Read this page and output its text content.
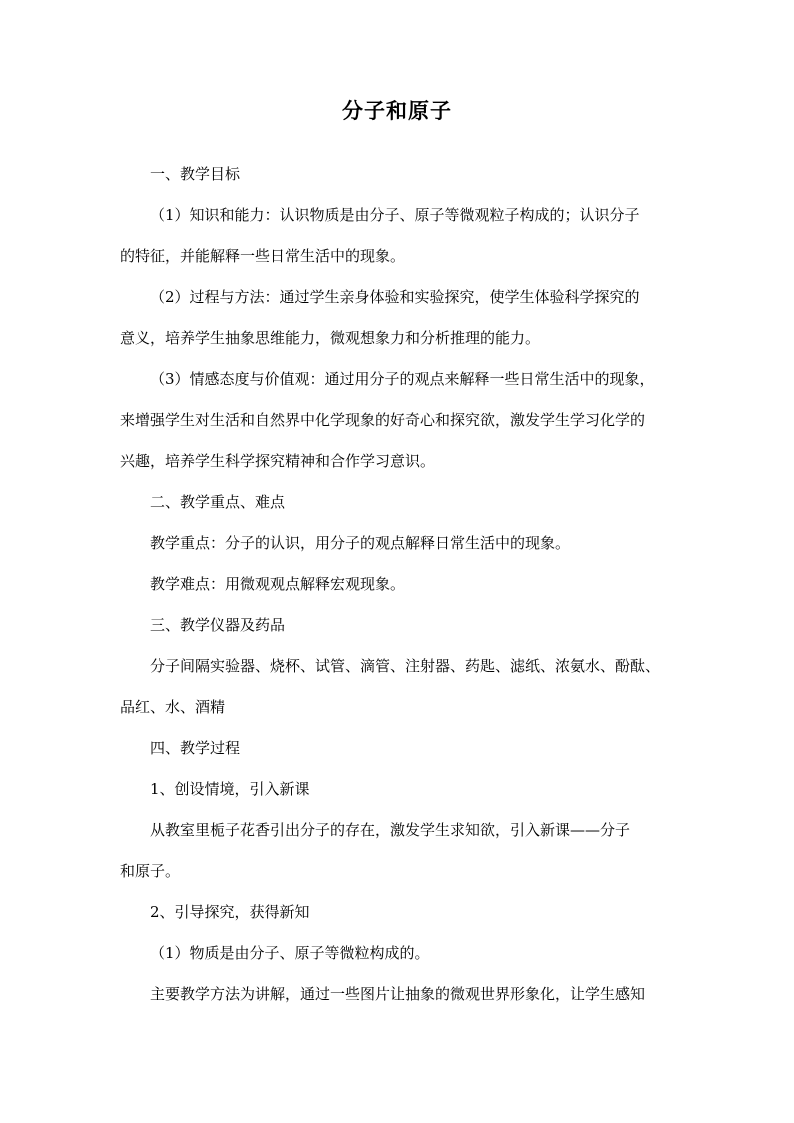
分子和原子

一、教学目标

（1）知识和能力：认识物质是由分子、原子等微观粒子构成的；认识分子
的特征，并能解释一些日常生活中的现象。

（2）过程与方法：通过学生亲身体验和实验探究，使学生体验科学探究的
意义，培养学生抽象思维能力，微观想象力和分析推理的能力。

（3）情感态度与价值观：通过用分子的观点来解释一些日常生活中的现象，
来增强学生对生活和自然界中化学现象的好奇心和探究欲，激发学生学习化学的
兴趣，培养学生科学探究精神和合作学习意识。

二、教学重点、难点

教学重点：分子的认识，用分子的观点解释日常生活中的现象。

教学难点：用微观观点解释宏观现象。

三、教学仪器及药品

分子间隔实验器、烧杯、试管、滴管、注射器、药匙、滤纸、浓氨水、酚酞、
品红、水、酒精

四、教学过程

1、创设情境，引入新课

从教室里栀子花香引出分子的存在，激发学生求知欲，引入新课——分子
和原子。

2、引导探究，获得新知

（1）物质是由分子、原子等微粒构成的。

主要教学方法为讲解，通过一些图片让抽象的微观世界形象化，让学生感知
